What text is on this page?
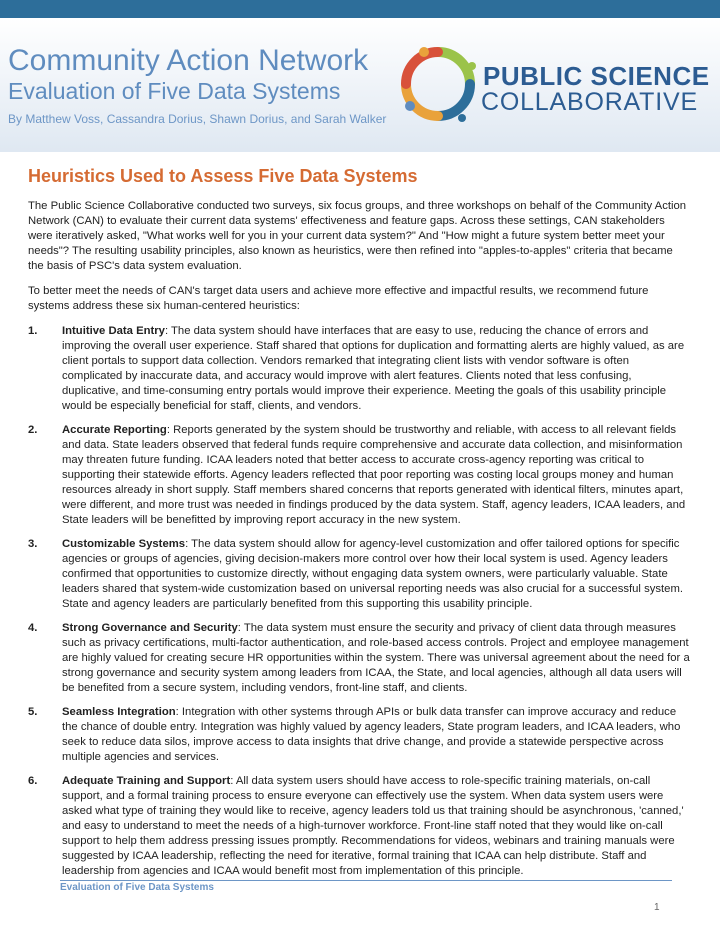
Community Action Network
Evaluation of Five Data Systems
By Matthew Voss, Cassandra Dorius, Shawn Dorius, and Sarah Walker
PUBLIC SCIENCE
COLLABORATIVE
Heuristics Used to Assess Five Data Systems

The Public Science Collaborative conducted two surveys, six focus groups, and three workshops on behalf of the Community Action Network (CAN) to evaluate their current data systems' effectiveness and feature gaps. Across these settings, CAN stakeholders were iteratively asked, "What works well for you in your current data system?" And "How might a future system better meet your needs"? The resulting usability principles, also known as heuristics, were then refined into "apples-to-apples" criteria that became the basis of PSC's data system evaluation.

To better meet the needs of CAN's target data users and achieve more effective and impactful results, we recommend future systems address these six human-centered heuristics:

1. Intuitive Data Entry: The data system should have interfaces that are easy to use, reducing the chance of errors and improving the overall user experience. Staff shared that options for duplication and formatting alerts are highly valued, as are client portals to support data collection. Vendors remarked that integrating client lists with vendor software is often complicated by inaccurate data, and accuracy would improve with alert features. Clients noted that less confusing, duplicative, and time-consuming entry portals would improve their experience. Meeting the goals of this usability principle would be especially beneficial for staff, clients, and vendors.
2. Accurate Reporting: Reports generated by the system should be trustworthy and reliable, with access to all relevant fields and data. State leaders observed that federal funds require comprehensive and accurate data collection, and misinformation may threaten future funding. ICAA leaders noted that better access to accurate cross-agency reporting was critical to supporting their statewide efforts. Agency leaders reflected that poor reporting was costing local groups money and human resources already in short supply. Staff members shared concerns that reports generated with identical filters, minutes apart, were different, and more trust was needed in findings produced by the data system. Staff, agency leaders, ICAA leaders, and State leaders will be benefitted by improving report accuracy in the new system.
3. Customizable Systems: The data system should allow for agency-level customization and offer tailored options for specific agencies or groups of agencies, giving decision-makers more control over how their local system is used. Agency leaders confirmed that opportunities to customize directly, without engaging data system owners, were particularly valuable. State leaders shared that system-wide customization based on universal reporting needs was also crucial for a successful system. State and agency leaders are particularly benefited from this supporting this usability principle.
4. Strong Governance and Security: The data system must ensure the security and privacy of client data through measures such as privacy certifications, multi-factor authentication, and role-based access controls. Project and employee management are highly valued for creating secure HR opportunities within the system. There was universal agreement about the need for a strong governance and security system among leaders from ICAA, the State, and local agencies, although all data users will be benefited from a secure system, including vendors, front-line staff, and clients.
5. Seamless Integration: Integration with other systems through APIs or bulk data transfer can improve accuracy and reduce the chance of double entry. Integration was highly valued by agency leaders, State program leaders, and ICAA leaders, who seek to reduce data silos, improve access to data insights that drive change, and provide a statewide perspective across multiple agencies and services.
6. Adequate Training and Support: All data system users should have access to role-specific training materials, on-call support, and a formal training process to ensure everyone can effectively use the system. When data system users were asked what type of training they would like to receive, agency leaders told us that training should be asynchronous, 'canned,' and easy to understand to meet the needs of a high-turnover workforce. Front-line staff noted that they would like on-call support to help them address pressing issues promptly. Recommendations for videos, webinars and training manuals were suggested by ICAA leadership, reflecting the need for iterative, formal training that ICAA can help distribute. Staff and leadership from agencies and ICAA would benefit most from implementation of this principle.
Evaluation of Five Data Systems
1
